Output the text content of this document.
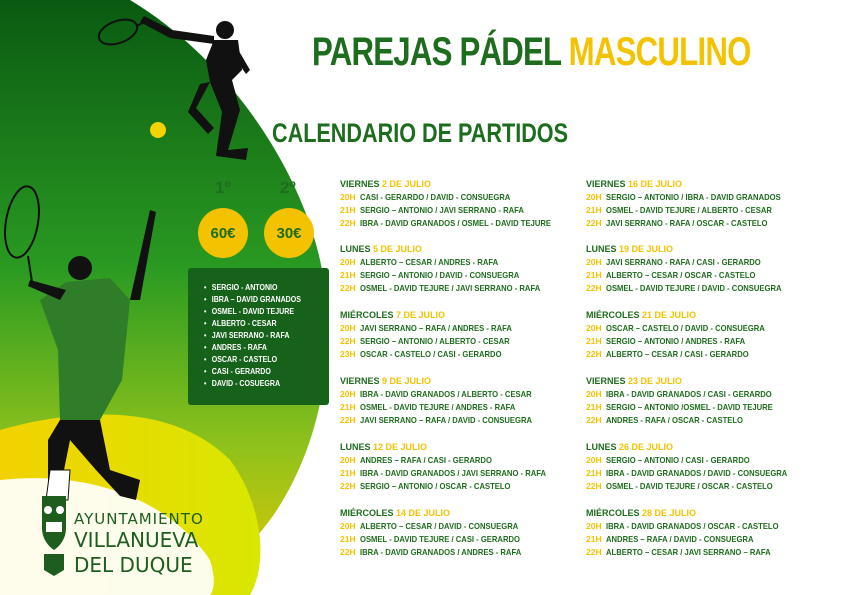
PAREJAS PÁDEL MASCULINO
CALENDARIO DE PARTIDOS
1º	2º
60€	30€
• SERGIO - ANTONIO
• IBRA – DAVID GRANADOS
• OSMEL - DAVID TEJURE
• ALBERTO - CESAR
• JAVI SERRANO - RAFA
• ANDRES - RAFA
• OSCAR - CASTELO
• CASI - GERARDO
• DAVID - COSUEGRA
VIERNES 2 DE JULIO
20H CASI - GERARDO / DAVID - CONSUEGRA
21H SERGIO – ANTONIO / JAVI SERRANO - RAFA
22H IBRA - DAVID GRANADOS / OSMEL - DAVID TEJURE
LUNES 5 DE JULIO
20H ALBERTO – CESAR / ANDRES - RAFA
21H SERGIO – ANTONIO / DAVID - CONSUEGRA
22H OSMEL - DAVID TEJURE / JAVI SERRANO - RAFA
MIÉRCOLES 7 DE JULIO
20H JAVI SERRANO – RAFA / ANDRES - RAFA
22H SERGIO – ANTONIO / ALBERTO - CESAR
23H OSCAR - CASTELO / CASI - GERARDO
VIERNES 9 DE JULIO
20H IBRA - DAVID GRANADOS / ALBERTO - CESAR
21H OSMEL - DAVID TEJURE / ANDRES - RAFA
22H JAVI SERRANO – RAFA / DAVID - CONSUEGRA
LUNES 12 DE JULIO
20H ANDRES – RAFA / CASI - GERARDO
21H IBRA - DAVID GRANADOS / JAVI SERRANO - RAFA
22H SERGIO – ANTONIO / OSCAR - CASTELO
MIÉRCOLES 14 DE JULIO
20H ALBERTO – CESAR / DAVID - CONSUEGRA
21H OSMEL - DAVID TEJURE / CASI - GERARDO
22H IBRA - DAVID GRANADOS / ANDRES - RAFA
VIERNES 16 DE JULIO
20H SERGIO – ANTONIO / IBRA - DAVID GRANADOS
21H OSMEL - DAVID TEJURE / ALBERTO - CESAR
22H JAVI SERRANO - RAFA / OSCAR - CASTELO
LUNES 19 DE JULIO
20H JAVI SERRANO - RAFA / CASI - GERARDO
21H ALBERTO – CESAR / OSCAR - CASTELO
22H OSMEL - DAVID TEJURE / DAVID - CONSUEGRA
MIÉRCOLES 21 DE JULIO
20H OSCAR – CASTELO / DAVID - CONSUEGRA
21H SERGIO – ANTONIO / ANDRES - RAFA
22H ALBERTO – CESAR / CASI - GERARDO
VIERNES 23 DE JULIO
20H IBRA - DAVID GRANADOS / CASI - GERARDO
21H SERGIO – ANTONIO /OSMEL - DAVID TEJURE
22H ANDRES - RAFA / OSCAR - CASTELO
LUNES 26 DE JULIO
20H SERGIO – ANTONIO / CASI - GERARDO
21H IBRA - DAVID GRANADOS / DAVID - CONSUEGRA
22H OSMEL - DAVID TEJURE / OSCAR - CASTELO
MIÉRCOLES 28 DE JULIO
20H IBRA - DAVID GRANADOS / OSCAR - CASTELO
21H ANDRES – RAFA / DAVID - CONSUEGRA
22H ALBERTO – CESAR / JAVI SERRANO – RAFA
AYUNTAMIENTO
VILLANUEVA
DEL DUQUE
